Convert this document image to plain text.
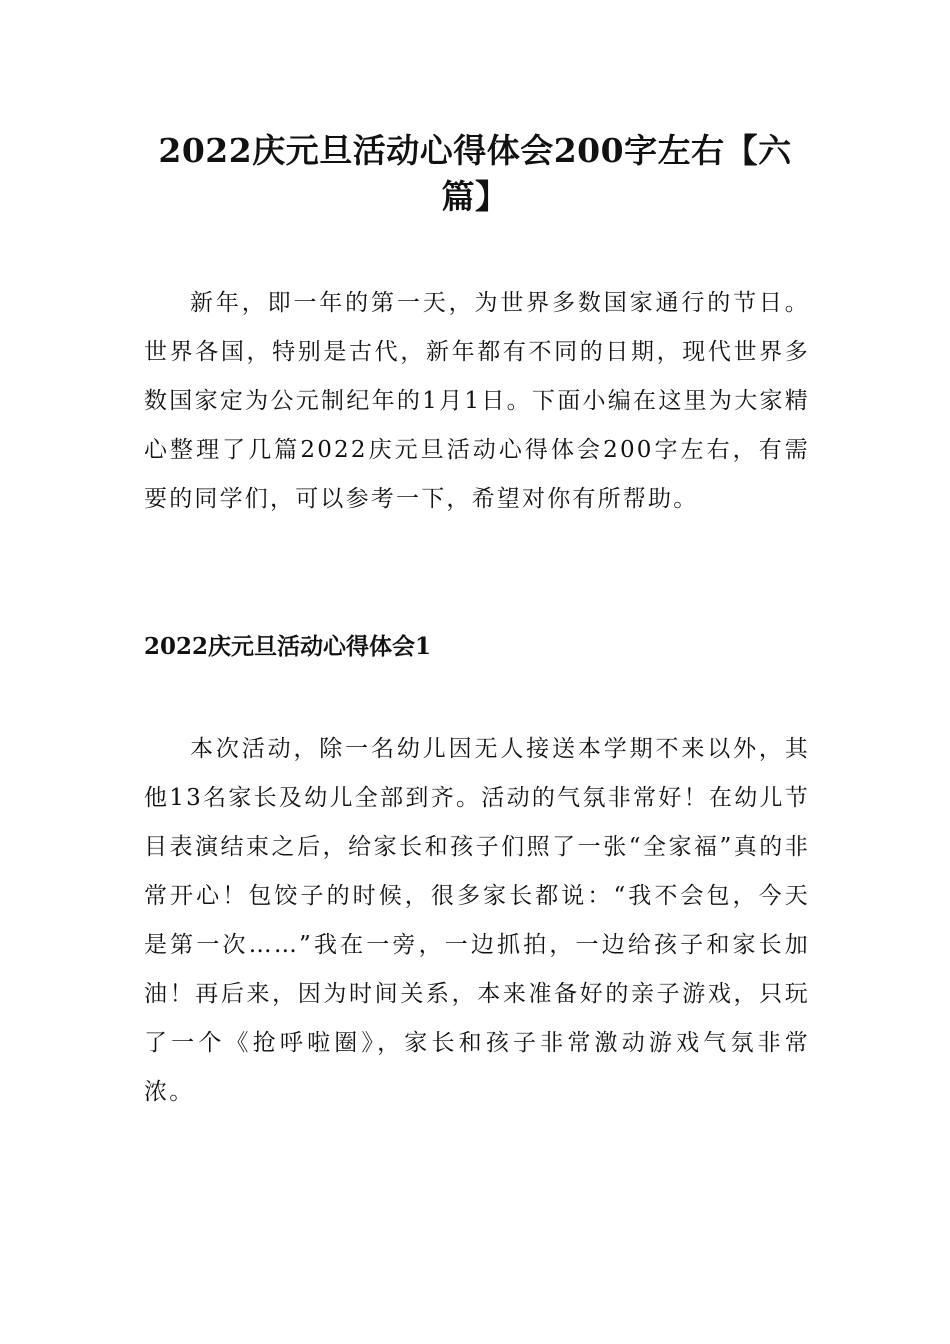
2022庆元旦活动心得体会200字左右【六篇】

新年，即一年的第一天，为世界多数国家通行的节日。世界各国，特别是古代，新年都有不同的日期，现代世界多数国家定为公元制纪年的1月1日。下面小编在这里为大家精心整理了几篇2022庆元旦活动心得体会200字左右，有需要的同学们，可以参考一下，希望对你有所帮助。

2022庆元旦活动心得体会1

本次活动，除一名幼儿因无人接送本学期不来以外，其他13名家长及幼儿全部到齐。活动的气氛非常好！在幼儿节目表演结束之后，给家长和孩子们照了一张“全家福”真的非常开心！包饺子的时候，很多家长都说：“我不会包，今天是第一次……”我在一旁，一边抓拍，一边给孩子和家长加油！再后来，因为时间关系，本来准备好的亲子游戏，只玩了一个《抢呼啦圈》，家长和孩子非常激动游戏气氛非常浓。
